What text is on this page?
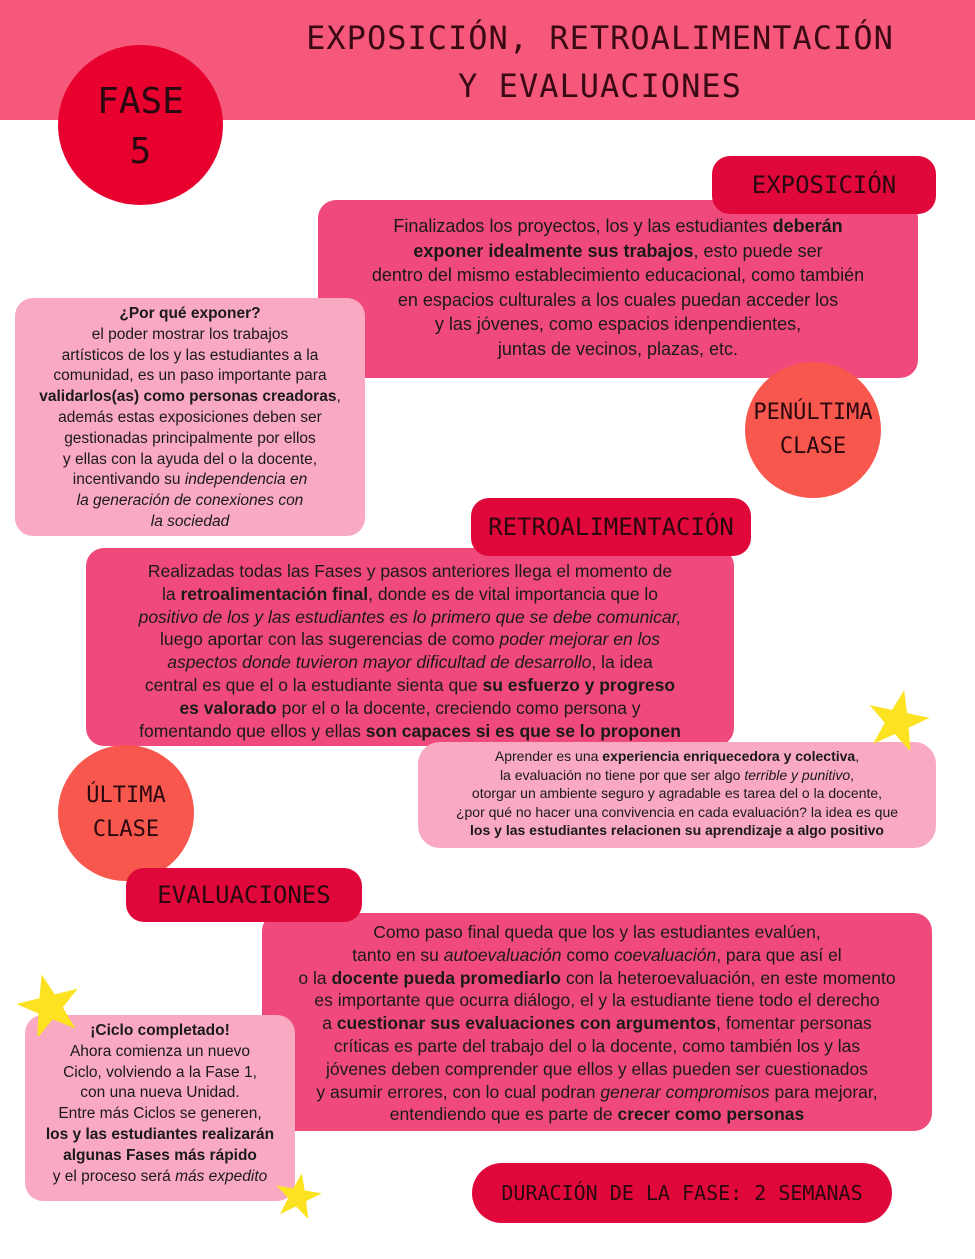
EXPOSICIÓN, RETROALIMENTACIÓN
Y EVALUACIONES
FASE
5

Finalizados los proyectos, los y las estudiantes deberán

exponer idealmente sus trabajos, esto puede ser

dentro del mismo establecimiento educacional, como también

en espacios culturales a los cuales puedan acceder los

y las jóvenes, como espacios idenpendientes,

juntas de vecinos, plazas, etc.

EXPOSICIÓN

¿Por qué exponer?

el poder mostrar los trabajos

artísticos de los y las estudiantes a la

comunidad, es un paso importante para

validarlos(as) como personas creadoras,

además estas exposiciones deben ser

gestionadas principalmente por ellos

y ellas con la ayuda del o la docente,

incentivando su independencia en

la generación de conexiones con

la sociedad

PENÚLTIMA
CLASE

Realizadas todas las Fases y pasos anteriores llega el momento de

la retroalimentación final, donde es de vital importancia que lo

positivo de los y las estudiantes es lo primero que se debe comunicar,

luego aportar con las sugerencias de como poder mejorar en los

aspectos donde tuvieron mayor dificultad de desarrollo, la idea

central es que el o la estudiante sienta que su esfuerzo y progreso

es valorado por el o la docente, creciendo como persona y

fomentando que ellos y ellas son capaces si es que se lo proponen

RETROALIMENTACIÓN

Aprender es una experiencia enriquecedora y colectiva,

la evaluación no tiene por que ser algo terrible y punitivo,

otorgar un ambiente seguro y agradable es tarea del o la docente,

¿por qué no hacer una convivencia en cada evaluación? la idea es que

los y las estudiantes relacionen su aprendizaje a algo positivo

ÚLTIMA
CLASE

Como paso final queda que los y las estudiantes evalúen,

tanto en su autoevaluación como coevaluación, para que así el

o la docente pueda promediarlo con la heteroevaluación, en este momento

es importante que ocurra diálogo, el y la estudiante tiene todo el derecho

a cuestionar sus evaluaciones con argumentos, fomentar personas

críticas es parte del trabajo del o la docente, como también los y las

jóvenes deben comprender que ellos y ellas pueden ser cuestionados

y asumir errores, con lo cual podran generar compromisos para mejorar,

entendiendo que es parte de crecer como personas

EVALUACIONES

¡Ciclo completado!

Ahora comienza un nuevo

Ciclo, volviendo a la Fase 1,

con una nueva Unidad.

Entre más Ciclos se generen,

los y las estudiantes realizarán

algunas Fases más rápido

y el proceso será más expedito

DURACIÓN DE LA FASE: 2 SEMANAS
